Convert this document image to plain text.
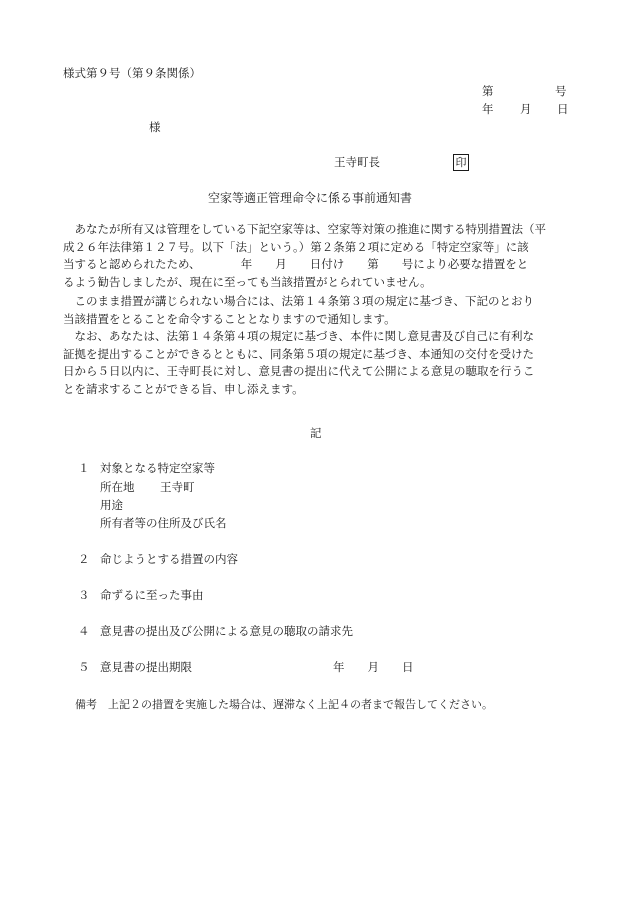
様式第９号（第９条関係）
第	号
年 月 日
様
王寺町長	印
空家等適正管理命令に係る事前通知書
　あなたが所有又は管理をしている下記空家等は、空家等対策の推進に関する特別措置法（平
成２６年法律第１２７号。以下「法」という。）第２条第２項に定める「特定空家等」に該
当すると認められたため、　　　　年　　月　　日付け　　第　　号により必要な措置をと
るよう勧告しましたが、現在に至っても当該措置がとられていません。
　このまま措置が講じられない場合には、法第１４条第３項の規定に基づき、下記のとおり
当該措置をとることを命令することとなりますので通知します。
　なお、あなたは、法第１４条第４項の規定に基づき、本件に関し意見書及び自己に有利な
証拠を提出することができるとともに、同条第５項の規定に基づき、本通知の交付を受けた
日から５日以内に、王寺町長に対し、意見書の提出に代えて公開による意見の聴取を行うこ
とを請求することができる旨、申し添えます。
記
１ 対象となる特定空家等
所在地 王寺町
用途
所有者等の住所及び氏名
２ 命じようとする措置の内容
３ 命ずるに至った事由
４ 意見書の提出及び公開による意見の聴取の請求先
５ 意見書の提出期限	年　　月　　日
備考　上記２の措置を実施した場合は、遅滞なく上記４の者まで報告してください。
